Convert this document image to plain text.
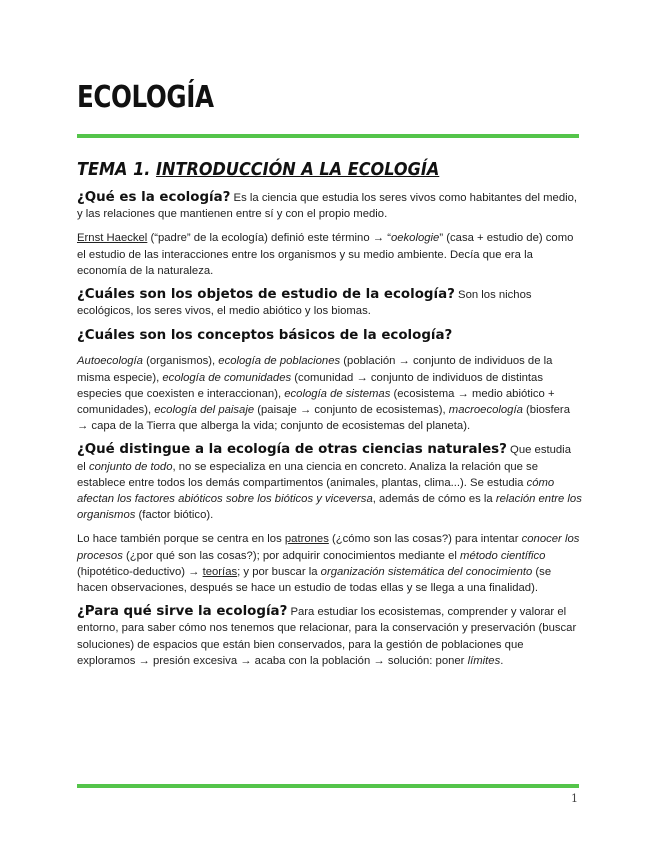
ECOLOGÍA
TEMA 1. INTRODUCCIÓN A LA ECOLOGÍA

¿Qué es la ecología? Es la ciencia que estudia los seres vivos como habitantes del medio, y las relaciones que mantienen entre sí y con el propio medio.

Ernst Haeckel (“padre” de la ecología) definió este término → “oekologie” (casa + estudio de) como el estudio de las interacciones entre los organismos y su medio ambiente. Decía que era la economía de la naturaleza.

¿Cuáles son los objetos de estudio de la ecología? Son los nichos ecológicos, los seres vivos, el medio abiótico y los biomas.

¿Cuáles son los conceptos básicos de la ecología?

Autoecología (organismos), ecología de poblaciones (población → conjunto de individuos de la misma especie), ecología de comunidades (comunidad → conjunto de individuos de distintas especies que coexisten e interaccionan), ecología de sistemas (ecosistema → medio abiótico + comunidades), ecología del paisaje (paisaje → conjunto de ecosistemas), macroecología (biosfera → capa de la Tierra que alberga la vida; conjunto de ecosistemas del planeta).

¿Qué distingue a la ecología de otras ciencias naturales? Que estudia el conjunto de todo, no se especializa en una ciencia en concreto. Analiza la relación que se establece entre todos los demás compartimentos (animales, plantas, clima...). Se estudia cómo afectan los factores abióticos sobre los bióticos y viceversa, además de cómo es la relación entre los organismos (factor biótico).

Lo hace también porque se centra en los patrones (¿cómo son las cosas?) para intentar conocer los procesos (¿por qué son las cosas?); por adquirir conocimientos mediante el método científico (hipotético-deductivo) → teorías; y por buscar la organización sistemática del conocimiento (se hacen observaciones, después se hace un estudio de todas ellas y se llega a una finalidad).

¿Para qué sirve la ecología? Para estudiar los ecosistemas, comprender y valorar el entorno, para saber cómo nos tenemos que relacionar, para la conservación y preservación (buscar soluciones) de espacios que están bien conservados, para la gestión de poblaciones que exploramos → presión excesiva → acaba con la población → solución: poner límites.

1
